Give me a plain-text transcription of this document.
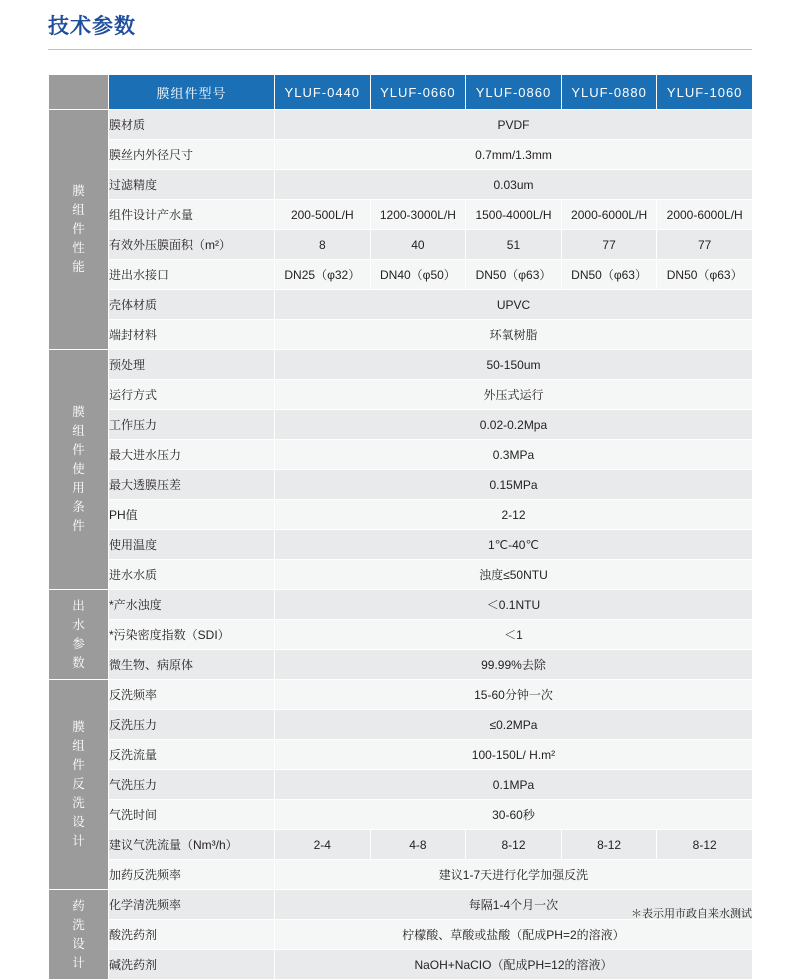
技术参数
	膜组件型号	YLUF-0440	YLUF-0660	YLUF-0860	YLUF-0880	YLUF-1060

膜
组
件
性
能	膜材质	PVDF				
	膜丝内外径尺寸	0.7mm/1.3mm				
	过滤精度	0.03um				
	组件设计产水量	200-500L/H	1200-3000L/H	1500-4000L/H	2000-6000L/H	2000-6000L/H
	有效外压膜面积（m²）	8	40	51	77	77
	进出水接口	DN25（φ32）	DN40（φ50）	DN50（φ63）	DN50（φ63）	DN50（φ63）
	壳体材质	UPVC				
	端封材料	环氧树脂				

膜
组
件
使
用
条
件
	预处理	50-150um
	运行方式	外压式运行				
	工作压力	0.02-0.2Mpa				
	最大进水压力	0.3MPa				
	最大透膜压差	0.15MPa				
	PH值	2-12				
	使用温度	1℃-40℃				
	进水水质	浊度≤50NTU				

出
水
参
数	*产水浊度	＜0.1NTU				
	*污染密度指数（SDI）	＜1				
	微生物、病原体	99.99%去除				

膜
组
件
反
洗
设
计
	反洗频率	15-60分钟一次
	反洗压力	≤0.2MPa				
	反洗流量	100-150L/ H.m²				
	气洗压力	0.1MPa				
	气洗时间	30-60秒				
	建议气洗流量（Nm³/h）	2-4	4-8	8-12	8-12	8-12
	加药反洗频率	建议1-7天进行化学加强反洗				

药
洗
设
计	化学清洗频率	每隔1-4个月一次				
	酸洗药剂	柠檬酸、草酸或盐酸（配成PH=2的溶液）				
	碱洗药剂	NaOH+NaCIO（配成PH=12的溶液）				
＊表示用市政自来水测试
